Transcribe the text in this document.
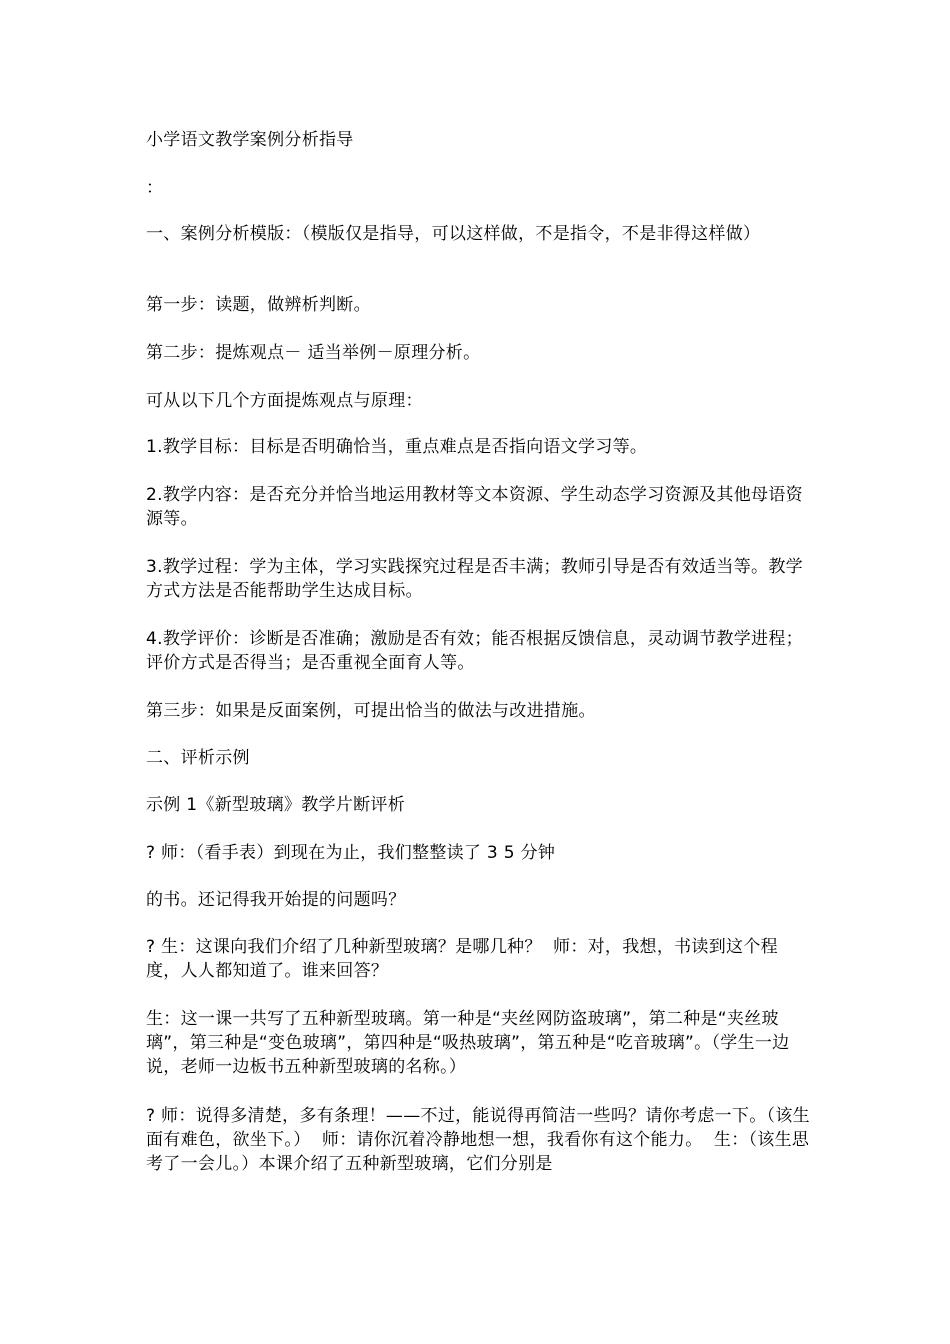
小学语文教学案例分析指导
：
一、案例分析模版：（模版仅是指导，可以这样做，不是指令，不是非得这样做）
第一步：读题，做辨析判断。
第二步：提炼观点－ 适当举例－原理分析。
可从以下几个方面提炼观点与原理：
1.教学目标：目标是否明确恰当，重点难点是否指向语文学习等。
2.教学内容：是否充分并恰当地运用教材等文本资源、学生动态学习资源及其他母语资源等。
3.教学过程：学为主体，学习实践探究过程是否丰满；教师引导是否有效适当等。教学方式方法是否能帮助学生达成目标。
4.教学评价：诊断是否准确；激励是否有效；能否根据反馈信息，灵动调节教学进程；评价方式是否得当；是否重视全面育人等。
第三步：如果是反面案例，可提出恰当的做法与改进措施。
二、评析示例
示例 1《新型玻璃》教学片断评析
? 师：（看手表）到现在为止，我们整整读了 3 5 分钟
的书。还记得我开始提的问题吗？
? 生：这课向我们介绍了几种新型玻璃？是哪几种？  师：对，我想，书读到这个程度，人人都知道了。谁来回答？
生：这一课一共写了五种新型玻璃。第一种是“夹丝网防盗玻璃”，第二种是“夹丝玻璃”，第三种是“变色玻璃”，第四种是“吸热玻璃”，第五种是“吃音玻璃”。（学生一边说，老师一边板书五种新型玻璃的名称。）
? 师：说得多清楚，多有条理！——不过，能说得再简洁一些吗？请你考虑一下。（该生面有难色，欲坐下。）  师：请你沉着冷静地想一想，我看你有这个能力。  生：（该生思考了一会儿。）本课介绍了五种新型玻璃，它们分别是
